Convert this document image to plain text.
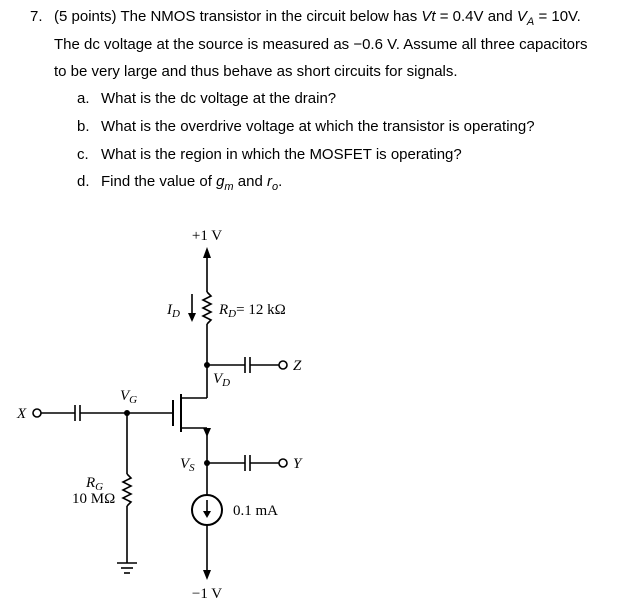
7. (5 points) The NMOS transistor in the circuit below has Vt = 0.4V and $V_A = 10V$.
The dc voltage at the source is measured as −0.6 V. Assume all three capacitors
to be very large and thus behave as short circuits for signals.
a. What is the dc voltage at the drain?
b. What is the overdrive voltage at which the transistor is operating?
c. What is the region in which the MOSFET is operating?
d. Find the value of $g_m$ and $r_o$.
+1 V
−1 V
$I_D$	$R_D= 12$ kΩ
$V_D$
$V_G$
$V_S$
$R_G$
10 MΩ
0.1 mA
X
Y
Z
